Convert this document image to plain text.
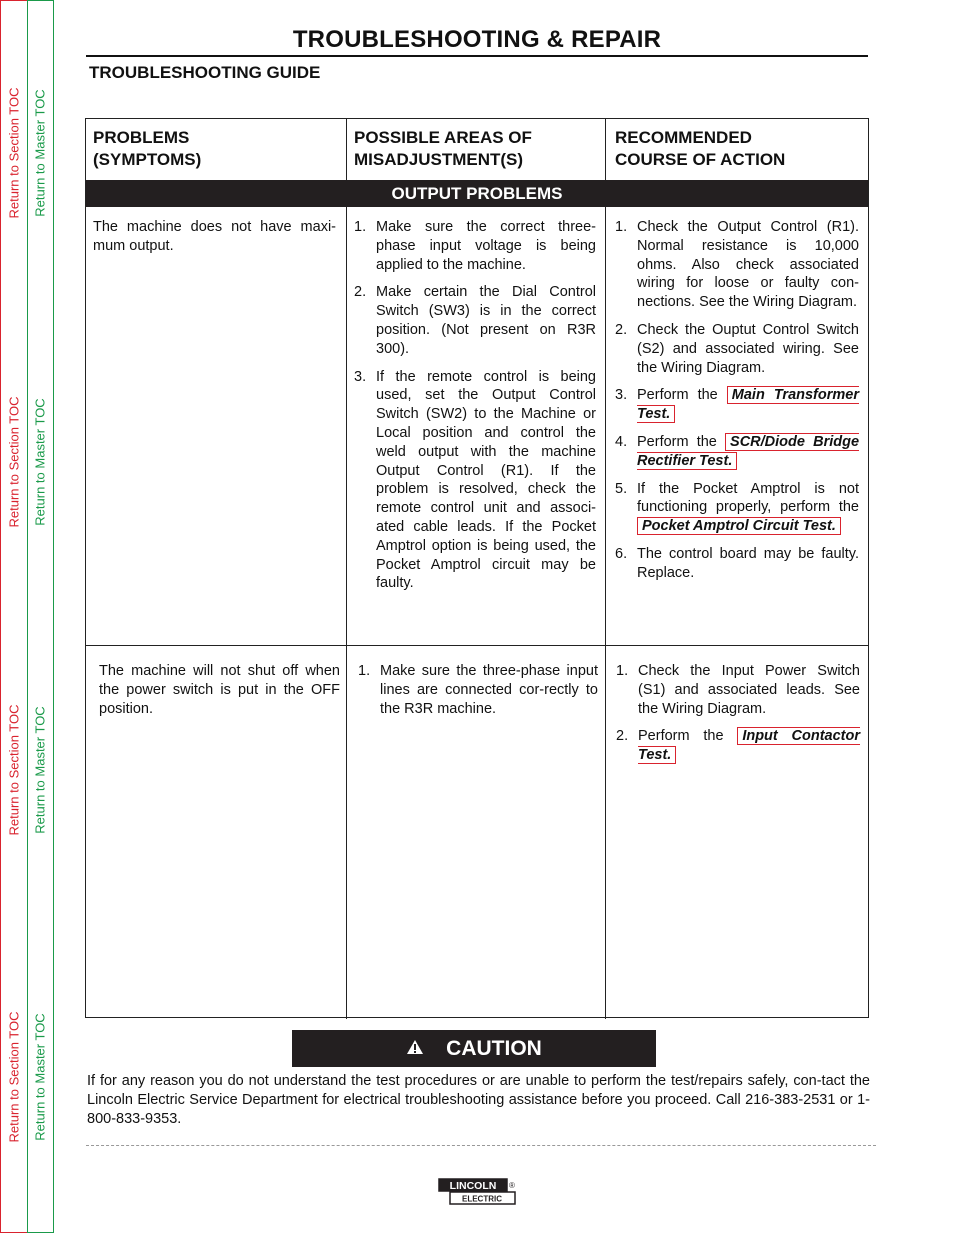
Return to Section TOC Return to Master TOC
Return to Section TOC Return to Master TOC
Return to Section TOC Return to Master TOC
Return to Section TOC Return to Master TOC
TROUBLESHOOTING & REPAIR
TROUBLESHOOTING GUIDE
PROBLEMS
(SYMPTOMS)
POSSIBLE AREAS OF
MISADJUSTMENT(S)
RECOMMENDED
COURSE OF ACTION
OUTPUT PROBLEMS

The machine does not have maxi-mum output.

1. Make sure the correct three-phase input voltage is being applied to the machine.
2. Make certain the Dial Control Switch (SW3) is in the correct position. (Not present on R3R 300).
3. If the remote control is being used, set the Output Control Switch (SW2) to the Machine or Local position and control the weld output with the machine Output Control (R1). If the problem is resolved, check the remote control unit and associ-ated cable leads. If the Pocket Amptrol option is being used, the Pocket Amptrol circuit may be faulty.
1. Check the Output Control (R1). Normal resistance is 10,000 ohms. Also check associated wiring for loose or faulty con-nections. See the Wiring Diagram.
2. Check the Ouptut Control Switch (S2) and associated wiring. See the Wiring Diagram.
3. Perform the Main Transformer Test.
4. Perform the SCR/Diode Bridge Rectifier Test.
5. If the Pocket Amptrol is not functioning properly, perform the Pocket Amptrol Circuit Test.
6. The control board may be faulty. Replace.

The machine will not shut off when the power switch is put in the OFF position.

1. Make sure the three-phase input lines are connected cor-rectly to the R3R machine.
1. Check the Input Power Switch (S1) and associated leads. See the Wiring Diagram.
2. Perform the Input Contactor Test.
CAUTION
If for any reason you do not understand the test procedures or are unable to perform the test/repairs safely, con-tact the Lincoln Electric Service Department for electrical troubleshooting assistance before you proceed. Call 216-383-2531 or 1-800-833-9353.
LINCOLN
ELECTRIC
®
